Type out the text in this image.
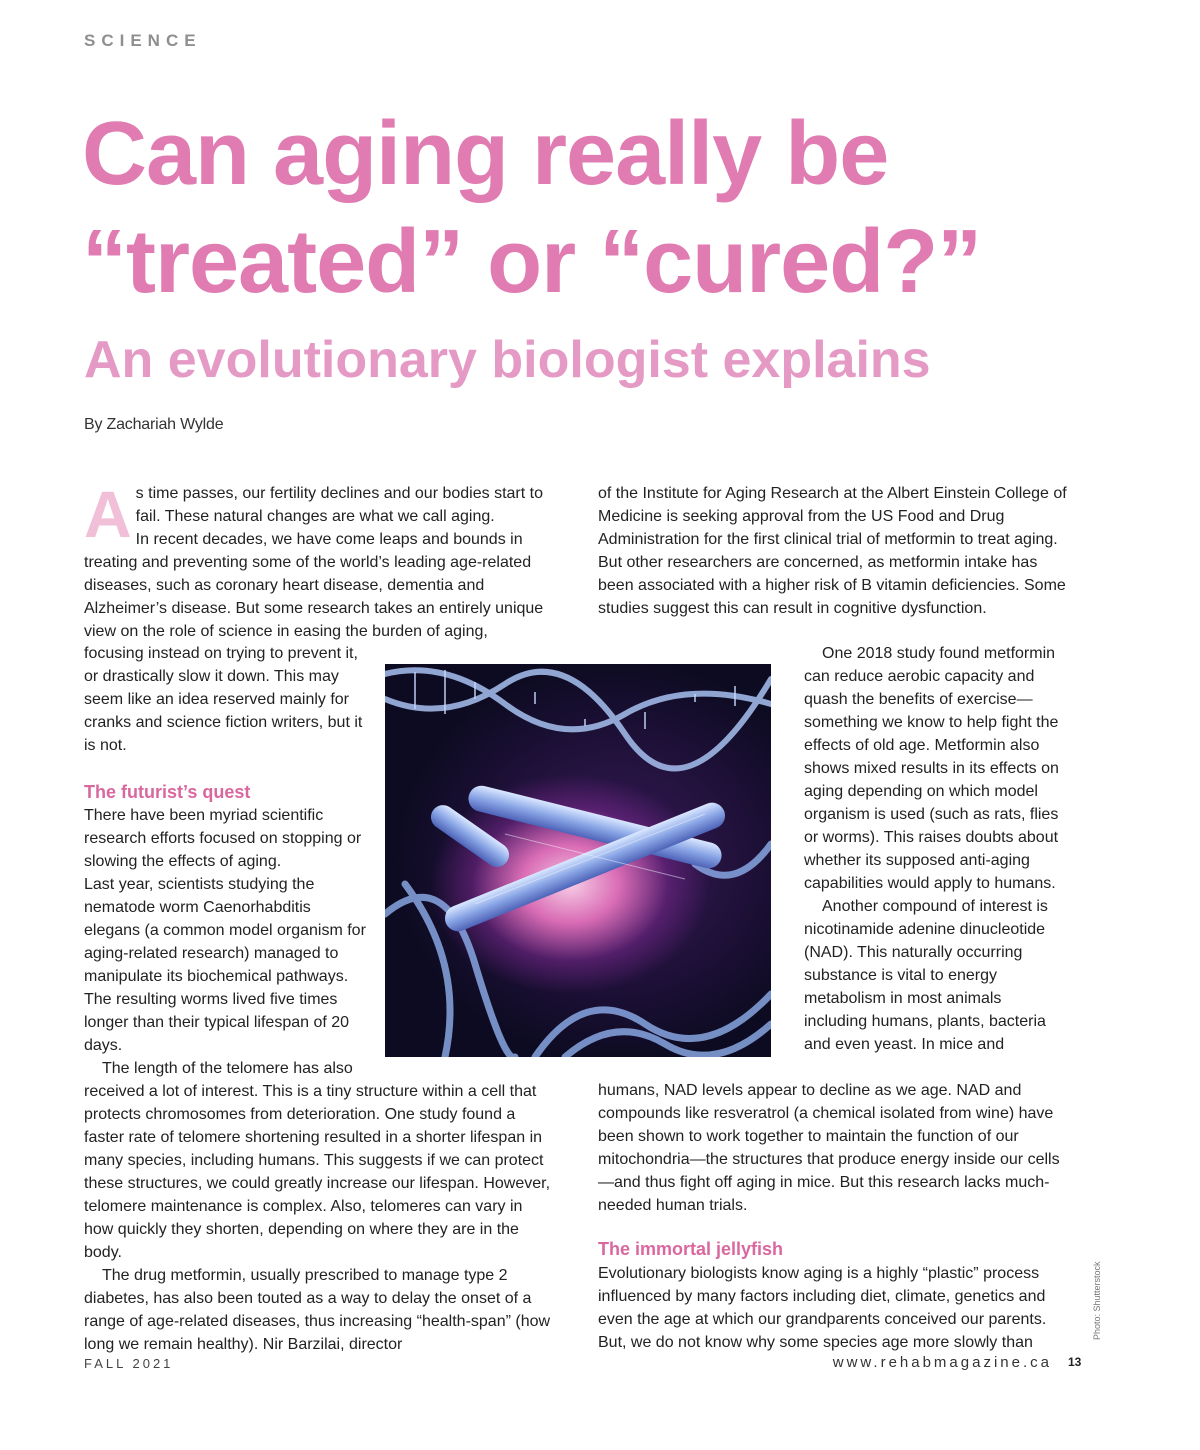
SCIENCE
Can aging really be
“treated” or “cured?”
An evolutionary biologist explains
By Zachariah Wylde

As time passes, our fertility declines and our bodies start to fail. These natural changes are what we call aging.

In recent decades, we have come leaps and bounds in treating and preventing some of the world’s leading age-related diseases, such as coronary heart disease, dementia and Alzheimer’s disease. But some research takes an entirely unique view on the role of science in easing the burden of aging,

focusing instead on trying to prevent it, or drastically slow it down. This may seem like an idea reserved mainly for cranks and science fiction writers, but it is not.

The futurist’s quest

There have been myriad scientific research efforts focused on stopping or slowing the effects of aging.

Last year, scientists studying the nematode worm Caenorhabditis elegans (a common model organism for aging-related research) managed to manipulate its biochemical pathways. The resulting worms lived five times longer than their typical lifespan of 20 days.

The length of the telomere has also

received a lot of interest. This is a tiny structure within a cell that protects chromosomes from deterioration. One study found a faster rate of telomere shortening resulted in a shorter lifespan in many species, including humans. This suggests if we can protect these structures, we could greatly increase our lifespan. However, telomere maintenance is complex. Also, telomeres can vary in how quickly they shorten, depending on where they are in the body.

The drug metformin, usually prescribed to manage type 2 diabetes, has also been touted as a way to delay the onset of a range of age-related diseases, thus increasing “health-span” (how long we remain healthy). Nir Barzilai, director

of the Institute for Aging Research at the Albert Einstein College of Medicine is seeking approval from the US Food and Drug Administration for the first clinical trial of metformin to treat aging. But other researchers are concerned, as metformin intake has been associated with a higher risk of B vitamin deficiencies. Some studies suggest this can result in cognitive dysfunction.

One 2018 study found metformin can reduce aerobic capacity and quash the benefits of exercise—something we know to help fight the effects of old age. Metformin also shows mixed results in its effects on aging depending on which model organism is used (such as rats, flies or worms). This raises doubts about whether its supposed anti-aging capabilities would apply to humans.

Another compound of interest is nicotinamide adenine dinucleotide (NAD). This naturally occurring substance is vital to energy metabolism in most animals including humans, plants, bacteria and even yeast. In mice and

humans, NAD levels appear to decline as we age. NAD and compounds like resveratrol (a chemical isolated from wine) have been shown to work together to maintain the function of our mitochondria—the structures that produce energy inside our cells—and thus fight off aging in mice. But this research lacks much-needed human trials.

The immortal jellyfish

Evolutionary biologists know aging is a highly “plastic” process influenced by many factors including diet, climate, genetics and even the age at which our grandparents conceived our parents. But, we do not know why some species age more slowly than

Photo: Shutterstock
FALL 2021	www.rehabmagazine.ca 13
